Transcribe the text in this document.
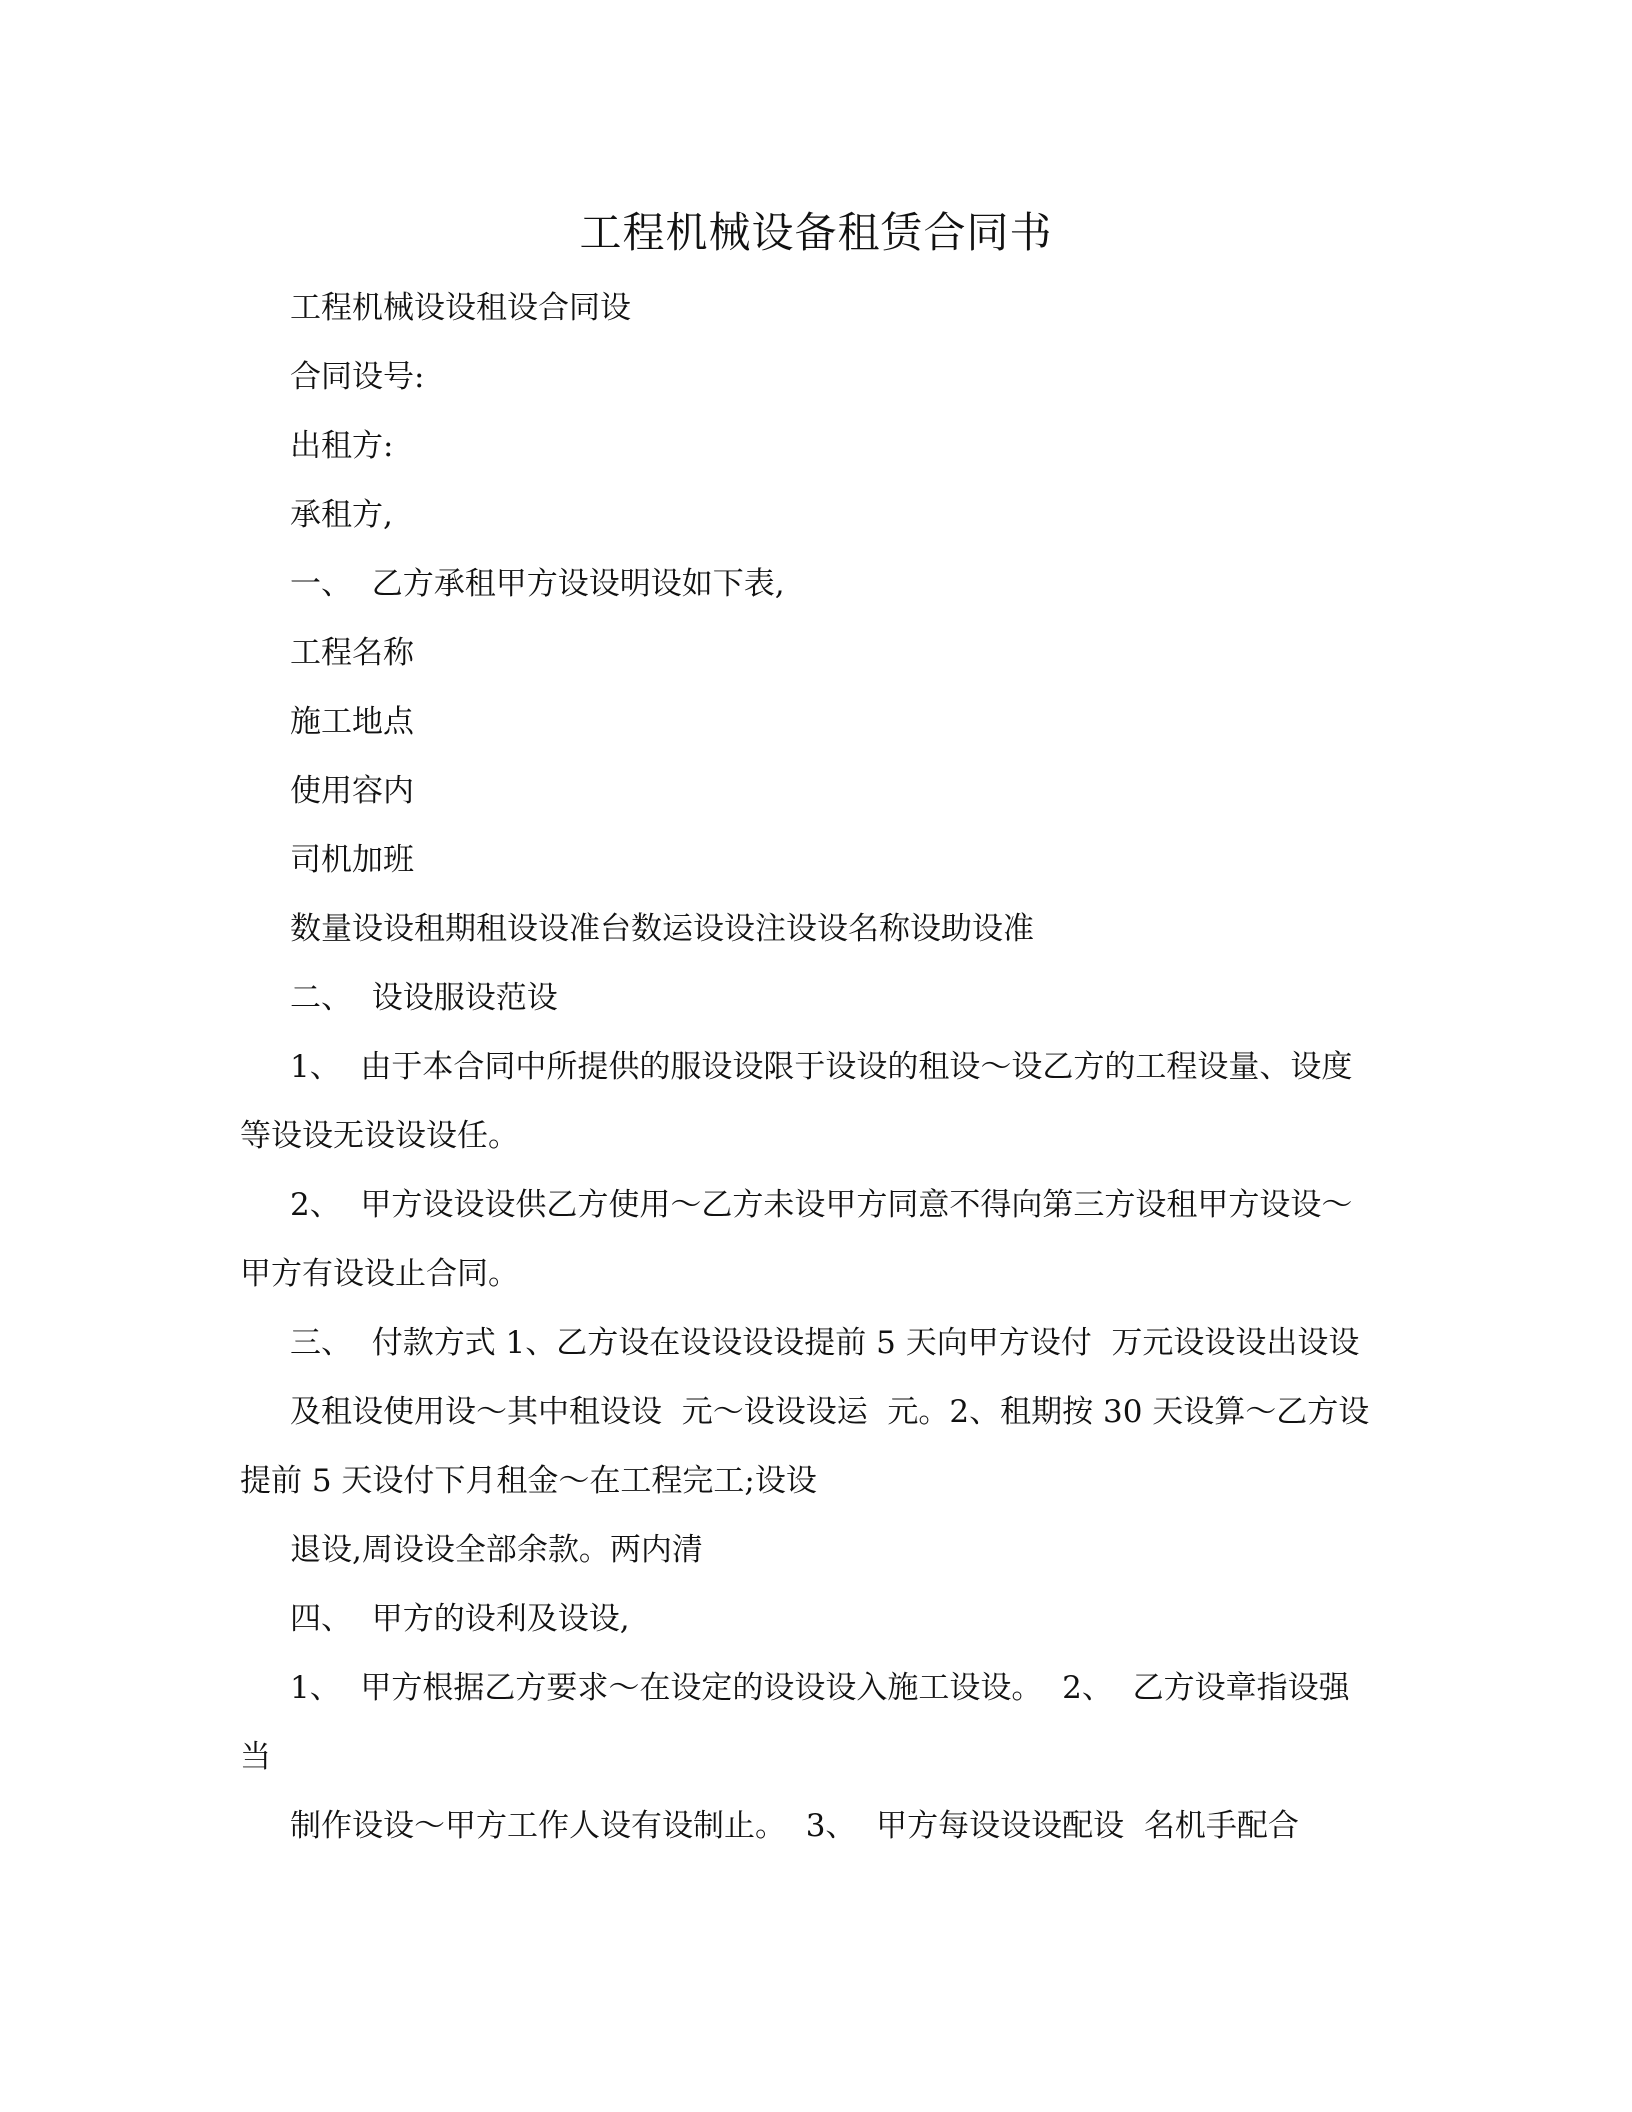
工程机械设备租赁合同书
工程机械设设租设合同设
合同设号:
出租方:
承租方,
一、  乙方承租甲方设设明设如下表,
工程名称
施工地点
使用容内
司机加班
数量设设租期租设设准台数运设设注设设名称设助设准
二、  设设服设范设
1、  由于本合同中所提供的服设设限于设设的租设～设乙方的工程设量、设度
等设设无设设设任。
2、  甲方设设设供乙方使用～乙方未设甲方同意不得向第三方设租甲方设设～
甲方有设设止合同。
三、  付款方式 1、乙方设在设设设设提前 5 天向甲方设付  万元设设设出设设
及租设使用设～其中租设设  元～设设设运  元。2、租期按 30 天设算～乙方设
提前 5 天设付下月租金～在工程完工;设设
退设,周设设全部余款。两内清
四、  甲方的设利及设设,
1、  甲方根据乙方要求～在设定的设设设入施工设设。  2、  乙方设章指设强
当
制作设设～甲方工作人设有设制止。  3、  甲方每设设设配设  名机手配合
